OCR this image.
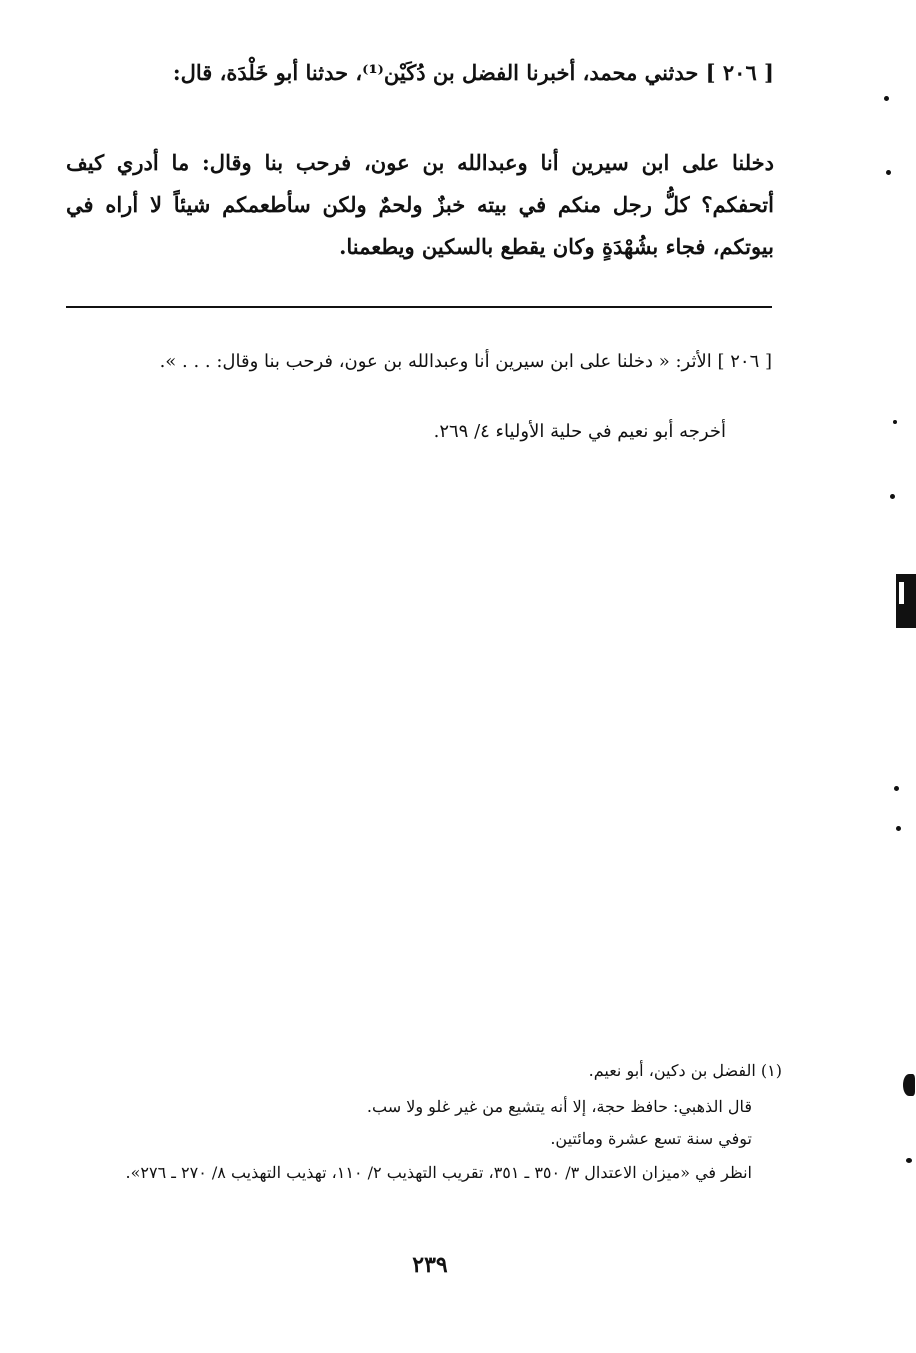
[ ٢٠٦ ] حدثني محمد، أخبرنا الفضل بن دُكَيْن⁽¹⁾، حدثنا أبو خَلْدَة، قال:
دخلنا على ابن سيرين أنا وعبدالله بن عون، فرحب بنا وقال: ما أدري كيف أتحفكم؟ كلُّ رجل منكم في بيته خبزٌ ولحمٌ ولكن سأطعمكم شيئاً لا أراه في بيوتكم، فجاء بشُهْدَةٍ وكان يقطع بالسكين ويطعمنا.
[ ٢٠٦ ] الأثر: « دخلنا على ابن سيرين أنا وعبدالله بن عون، فرحب بنا وقال: . . . ».
أخرجه أبو نعيم في حلية الأولياء ٤/ ٢٦٩.
(١) الفضل بن دكين، أبو نعيم.
قال الذهبي: حافظ حجة، إلا أنه يتشيع من غير غلو ولا سب.
توفي سنة تسع عشرة ومائتين.
انظر في «ميزان الاعتدال ٣/ ٣٥٠ ـ ٣٥١، تقريب التهذيب ٢/ ١١٠، تهذيب التهذيب ٨/ ٢٧٠ ـ ٢٧٦».
٢٣٩
